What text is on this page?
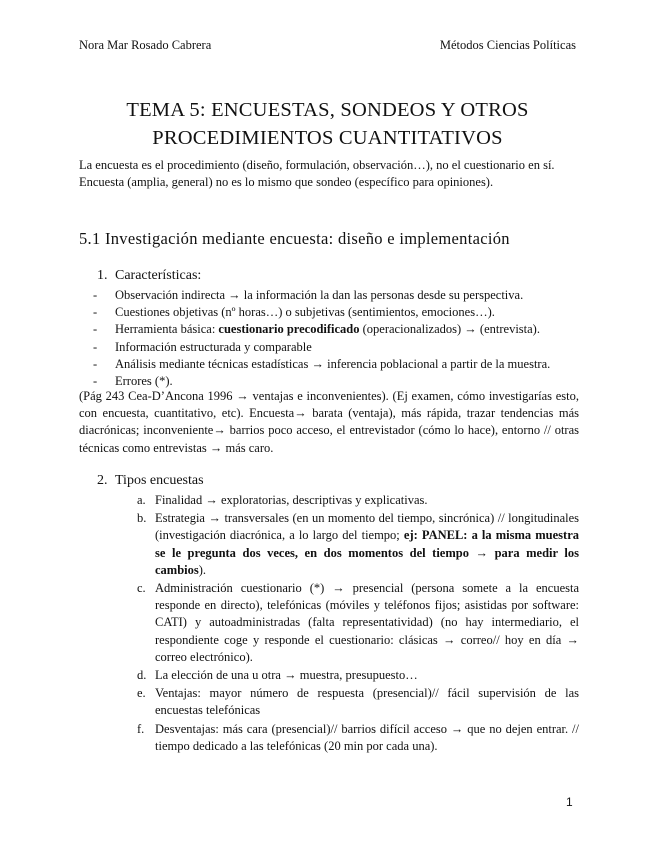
Nora Mar Rosado Cabrera	Métodos Ciencias Políticas
TEMA 5: ENCUESTAS, SONDEOS Y OTROS
PROCEDIMIENTOS CUANTITATIVOS
La encuesta es el procedimiento (diseño, formulación, observación…), no el cuestionario en sí.
Encuesta (amplia, general) no es lo mismo que sondeo (específico para opiniones).
5.1 Investigación mediante encuesta: diseño e implementación
1. Características:
- Observación indirecta → la información la dan las personas desde su perspectiva.
- Cuestiones objetivas (nº horas…) o subjetivas (sentimientos, emociones…).
- Herramienta básica: cuestionario precodificado (operacionalizados) → (entrevista).
- Información estructurada y comparable
- Análisis mediante técnicas estadísticas → inferencia poblacional a partir de la muestra.
- Errores (*).
(Pág 243 Cea-D’Ancona 1996 → ventajas e inconvenientes). (Ej examen, cómo investigarías esto, con encuesta, cuantitativo, etc). Encuesta→ barata (ventaja), más rápida, trazar tendencias más diacrónicas; inconveniente→ barrios poco acceso, el entrevistador (cómo lo hace), entorno // otras técnicas como entrevistas → más caro.
2. Tipos encuestas
a. Finalidad → exploratorias, descriptivas y explicativas.
b. Estrategia → transversales (en un momento del tiempo, sincrónica) // longitudinales (investigación diacrónica, a lo largo del tiempo; ej: PANEL: a la misma muestra se le pregunta dos veces, en dos momentos del tiempo → para medir los cambios).
c. Administración cuestionario (*) → presencial (persona somete a la encuesta responde en directo), telefónicas (móviles y teléfonos fijos; asistidas por software: CATI) y autoadministradas (falta representatividad) (no hay intermediario, el respondiente coge y responde el cuestionario: clásicas → correo// hoy en día → correo electrónico).
d. La elección de una u otra → muestra, presupuesto…
e. Ventajas: mayor número de respuesta (presencial)// fácil supervisión de las encuestas telefónicas
f. Desventajas: más cara (presencial)// barrios difícil acceso → que no dejen entrar. // tiempo dedicado a las telefónicas (20 min por cada una).
1
